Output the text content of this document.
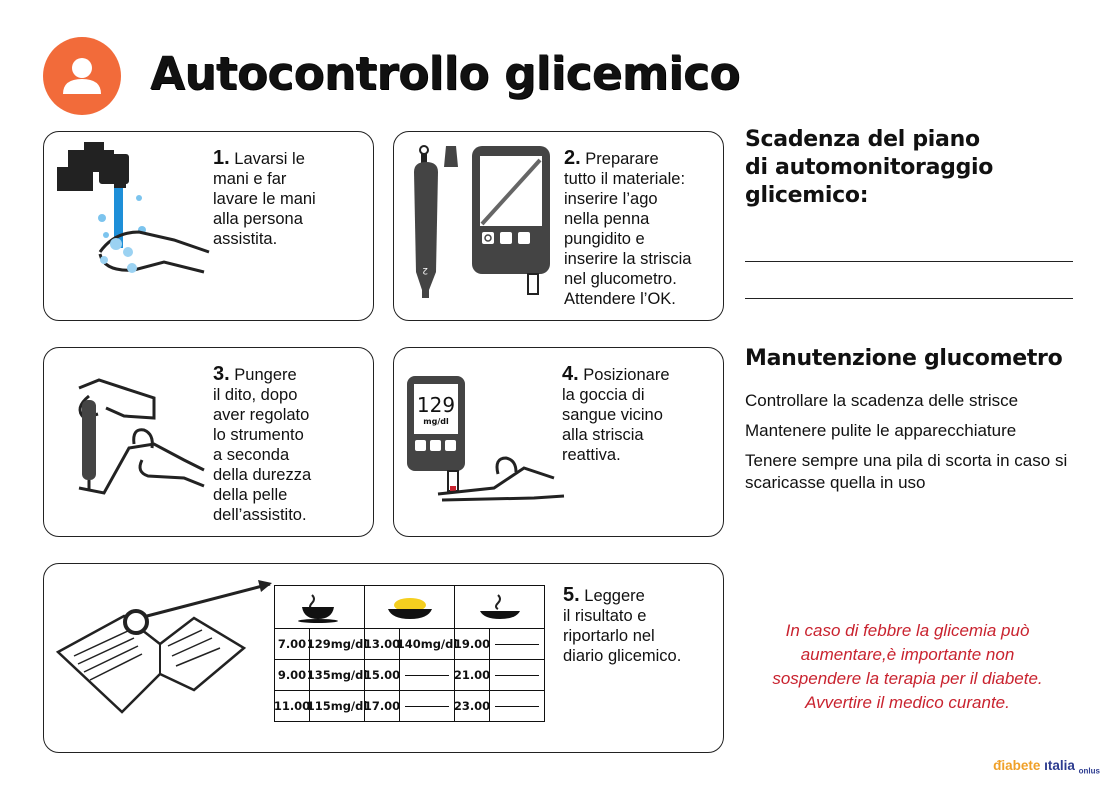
Autocontrollo glicemico
1. Lavarsi le
mani e far
lavare le mani
alla persona
assistita.
2
2. Preparare
tutto il materiale:
inserire l’ago
nella penna
pungidito e
inserire la striscia
nel glucometro.
Attendere l’OK.
3. Pungere
il dito, dopo
aver regolato
lo strumento
a seconda
della durezza
della pelle
dell’assistito.
129
mg/dl
4. Posizionare
la goccia di
sangue vicino
alla striscia
reattiva.

7.00	129mg/dl	13.00	140mg/dl	19.00	

9.00	135mg/dl	15.00		21.00	

11.00	115mg/dl	17.00		23.00	

5. Leggere
il risultato e
riportarlo nel
diario glicemico.
Scadenza del piano
di automonitoraggio
glicemico:
Manutenzione glucometro

Controllare la scadenza delle strisce

Mantenere pulite le apparecchiature

Tenere sempre una pila di scorta in caso si scaricasse quella in uso

In caso di febbre la glicemia può
aumentare,è importante non
sospendere la terapia per il diabete.
Avvertire il medico curante.
ᵭiabete ıtalia $_{onlus}$
